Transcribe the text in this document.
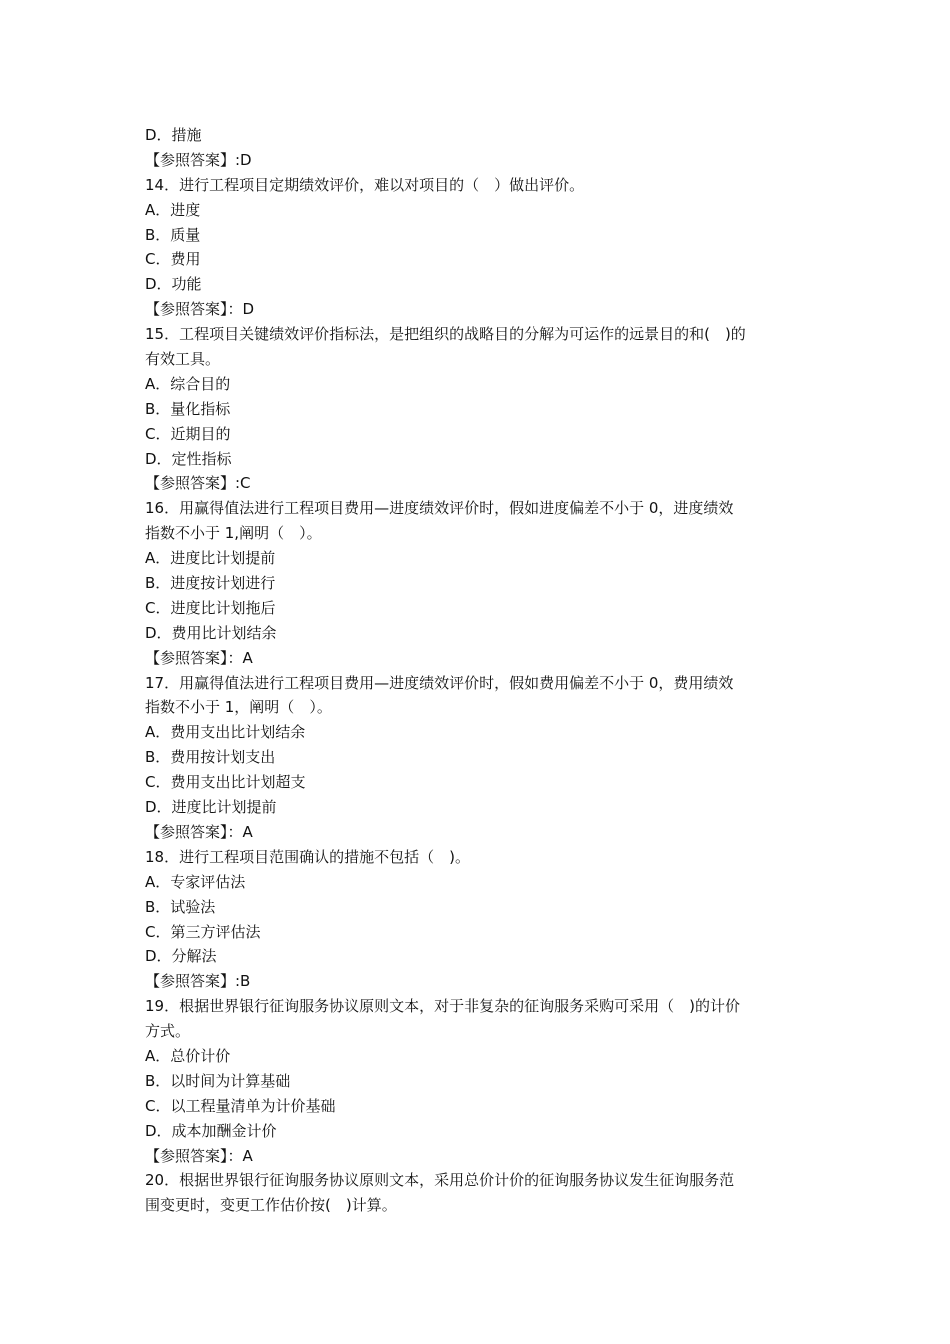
D．措施
【参照答案】:D
14．进行工程项目定期绩效评价，难以对项目的（　）做出评价。
A．进度
B．质量
C．费用
D．功能
【参照答案】：D
15．工程项目关键绩效评价指标法，是把组织的战略目的分解为可运作的远景目的和(　)的
有效工具。
A．综合目的
B．量化指标
C．近期目的
D．定性指标
【参照答案】:C
16．用赢得值法进行工程项目费用—进度绩效评价时，假如进度偏差不小于 0，进度绩效
指数不小于 1,阐明（　）。
A．进度比计划提前
B．进度按计划进行
C．进度比计划拖后
D．费用比计划结余
【参照答案】：A
17．用赢得值法进行工程项目费用—进度绩效评价时，假如费用偏差不小于 0，费用绩效
指数不小于 1，阐明（　）。
A．费用支出比计划结余
B．费用按计划支出
C．费用支出比计划超支
D．进度比计划提前
【参照答案】：A
18．进行工程项目范围确认的措施不包括（　)。
A．专家评估法
B．试验法
C．第三方评估法
D．分解法
【参照答案】:B
19．根据世界银行征询服务协议原则文本，对于非复杂的征询服务采购可采用（　)的计价
方式。
A．总价计价
B．以时间为计算基础
C．以工程量清单为计价基础
D．成本加酬金计价
【参照答案】：A
20．根据世界银行征询服务协议原则文本，采用总价计价的征询服务协议发生征询服务范
围变更时，变更工作估价按(　)计算。
